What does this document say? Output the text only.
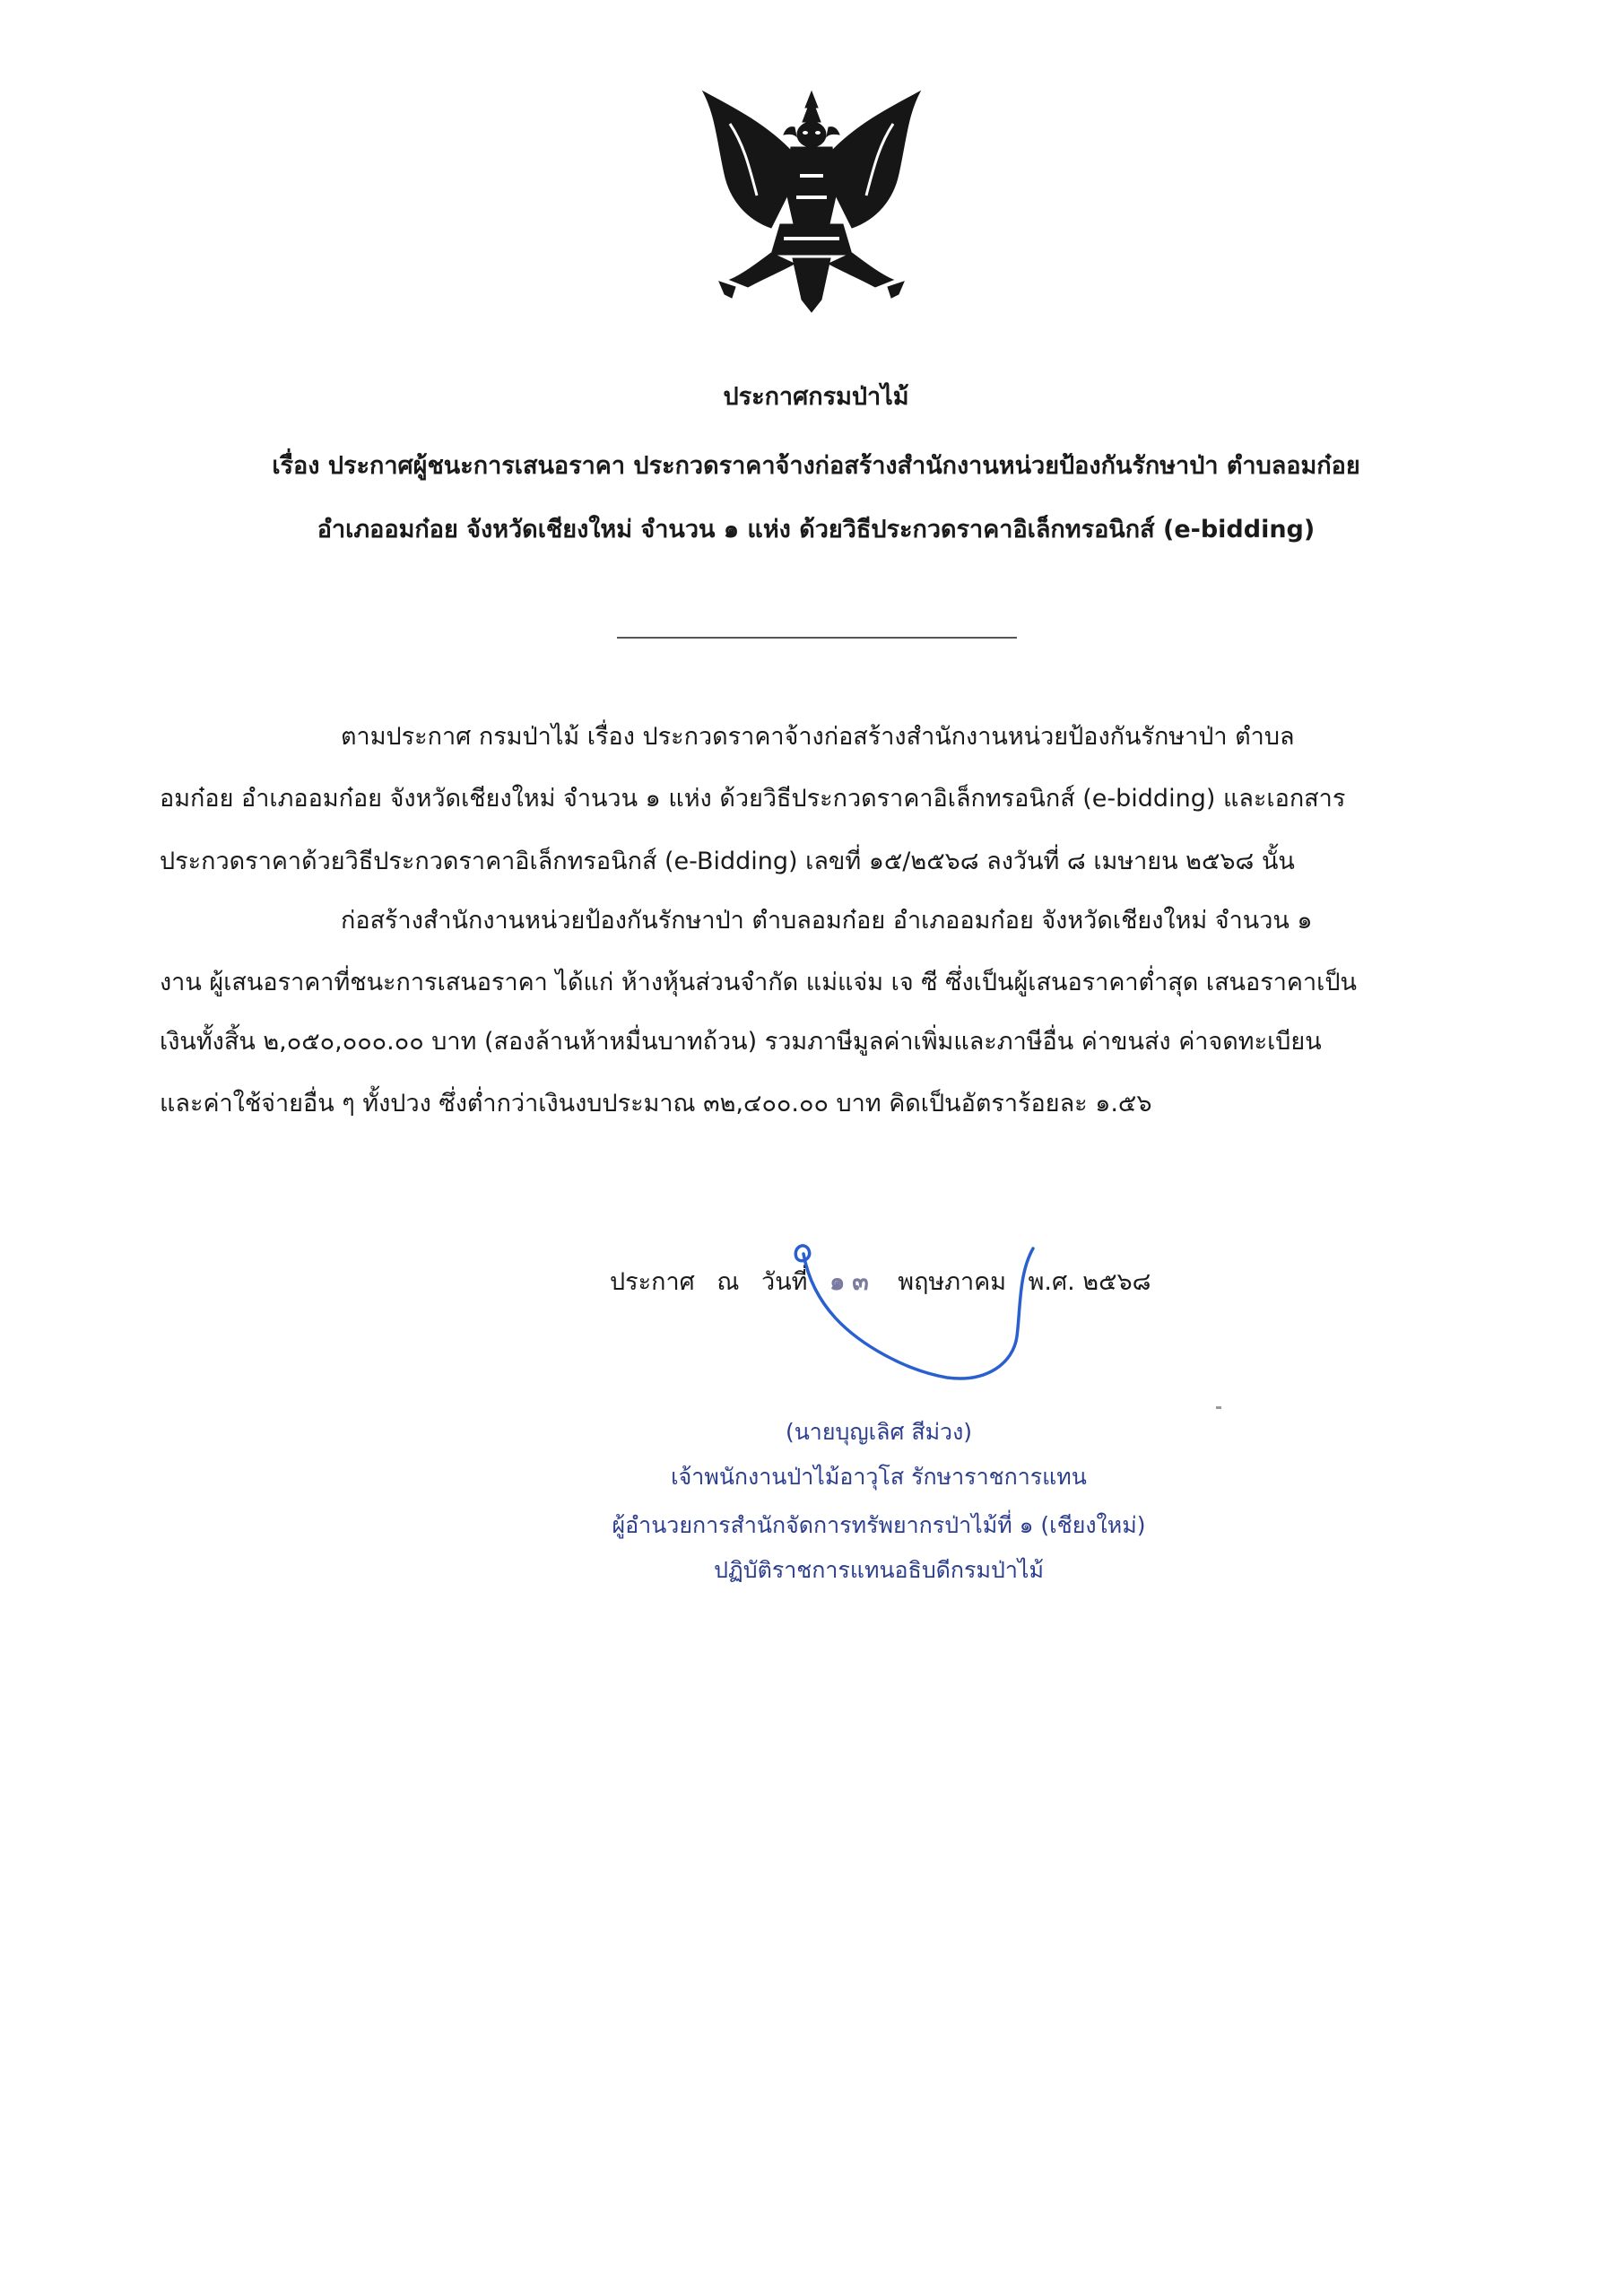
ประกาศกรมป่าไม้
เรื่อง ประกาศผู้ชนะการเสนอราคา ประกวดราคาจ้างก่อสร้างสำนักงานหน่วยป้องกันรักษาป่า ตำบลอมก๋อย
อำเภออมก๋อย จังหวัดเชียงใหม่ จำนวน ๑ แห่ง ด้วยวิธีประกวดราคาอิเล็กทรอนิกส์ (e-bidding)
ตามประกาศ กรมป่าไม้ เรื่อง ประกวดราคาจ้างก่อสร้างสำนักงานหน่วยป้องกันรักษาป่า ตำบล
อมก๋อย อำเภออมก๋อย จังหวัดเชียงใหม่ จำนวน ๑ แห่ง ด้วยวิธีประกวดราคาอิเล็กทรอนิกส์ (e-bidding) และเอกสาร
ประกวดราคาด้วยวิธีประกวดราคาอิเล็กทรอนิกส์ (e-Bidding) เลขที่ ๑๕/๒๕๖๘ ลงวันที่ ๘ เมษายน ๒๕๖๘ นั้น
ก่อสร้างสำนักงานหน่วยป้องกันรักษาป่า ตำบลอมก๋อย อำเภออมก๋อย จังหวัดเชียงใหม่ จำนวน ๑
งาน ผู้เสนอราคาที่ชนะการเสนอราคา ได้แก่ ห้างหุ้นส่วนจำกัด แม่แจ่ม เจ ซี ซึ่งเป็นผู้เสนอราคาต่ำสุด เสนอราคาเป็น
เงินทั้งสิ้น ๒,๐๕๐,๐๐๐.๐๐ บาท (สองล้านห้าหมื่นบาทถ้วน) รวมภาษีมูลค่าเพิ่มและภาษีอื่น ค่าขนส่ง ค่าจดทะเบียน
และค่าใช้จ่ายอื่น ๆ ทั้งปวง ซึ่งต่ำกว่าเงินงบประมาณ ๓๒,๔๐๐.๐๐ บาท คิดเป็นอัตราร้อยละ ๑.๕๖
ประกาศ ณ วันที่ ๑๓ พฤษภาคม พ.ศ. ๒๕๖๘
(นายบุญเลิศ สีม่วง)
เจ้าพนักงานป่าไม้อาวุโส รักษาราชการแทน
ผู้อำนวยการสำนักจัดการทรัพยากรป่าไม้ที่ ๑ (เชียงใหม่)
ปฏิบัติราชการแทนอธิบดีกรมป่าไม้
